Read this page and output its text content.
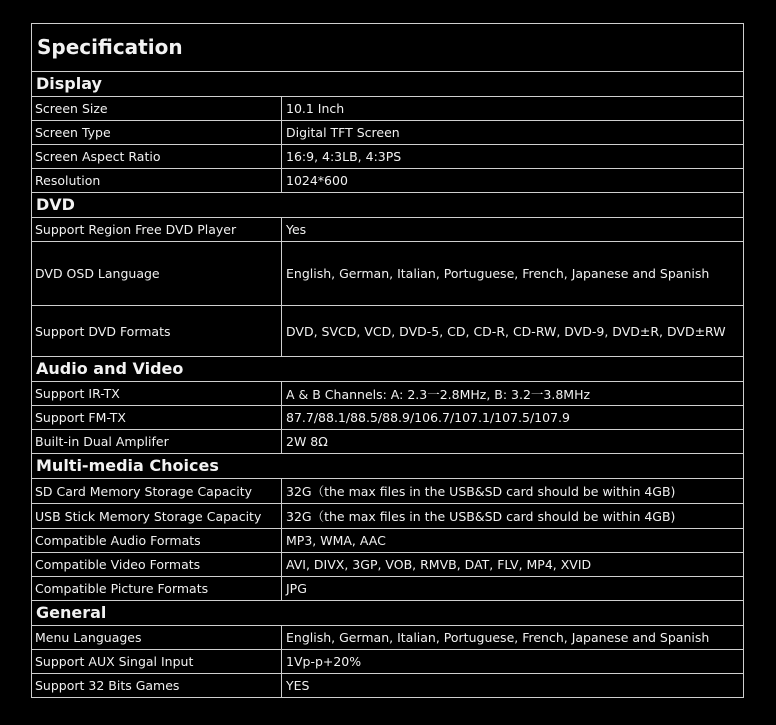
Specification
Display
Screen Size	10.1 Inch
Screen Type	Digital TFT Screen
Screen Aspect Ratio	16:9, 4:3LB, 4:3PS
Resolution	1024*600
DVD
Support Region Free DVD Player	Yes
DVD OSD Language	English, German, Italian, Portuguese, French, Japanese and Spanish
Support DVD Formats	DVD, SVCD, VCD, DVD-5, CD, CD-R, CD-RW, DVD-9, DVD±R, DVD±RW
Audio and Video
Support IR-TX	A & B Channels: A: 2.3一2.8MHz, B: 3.2一3.8MHz
Support FM-TX	87.7/88.1/88.5/88.9/106.7/107.1/107.5/107.9
Built-in Dual Amplifer	2W 8Ω
Multi-media Choices
SD Card Memory Storage Capacity	32G（the max files in the USB&SD card should be within 4GB)
USB Stick Memory Storage Capacity	32G（the max files in the USB&SD card should be within 4GB)
Compatible Audio Formats	MP3, WMA, AAC
Compatible Video Formats	AVI, DIVX, 3GP, VOB, RMVB, DAT, FLV, MP4, XVID
Compatible Picture Formats	JPG
General
Menu Languages	English, German, Italian, Portuguese, French, Japanese and Spanish
Support AUX Singal Input	1Vp-p+20%
Support 32 Bits Games	YES
